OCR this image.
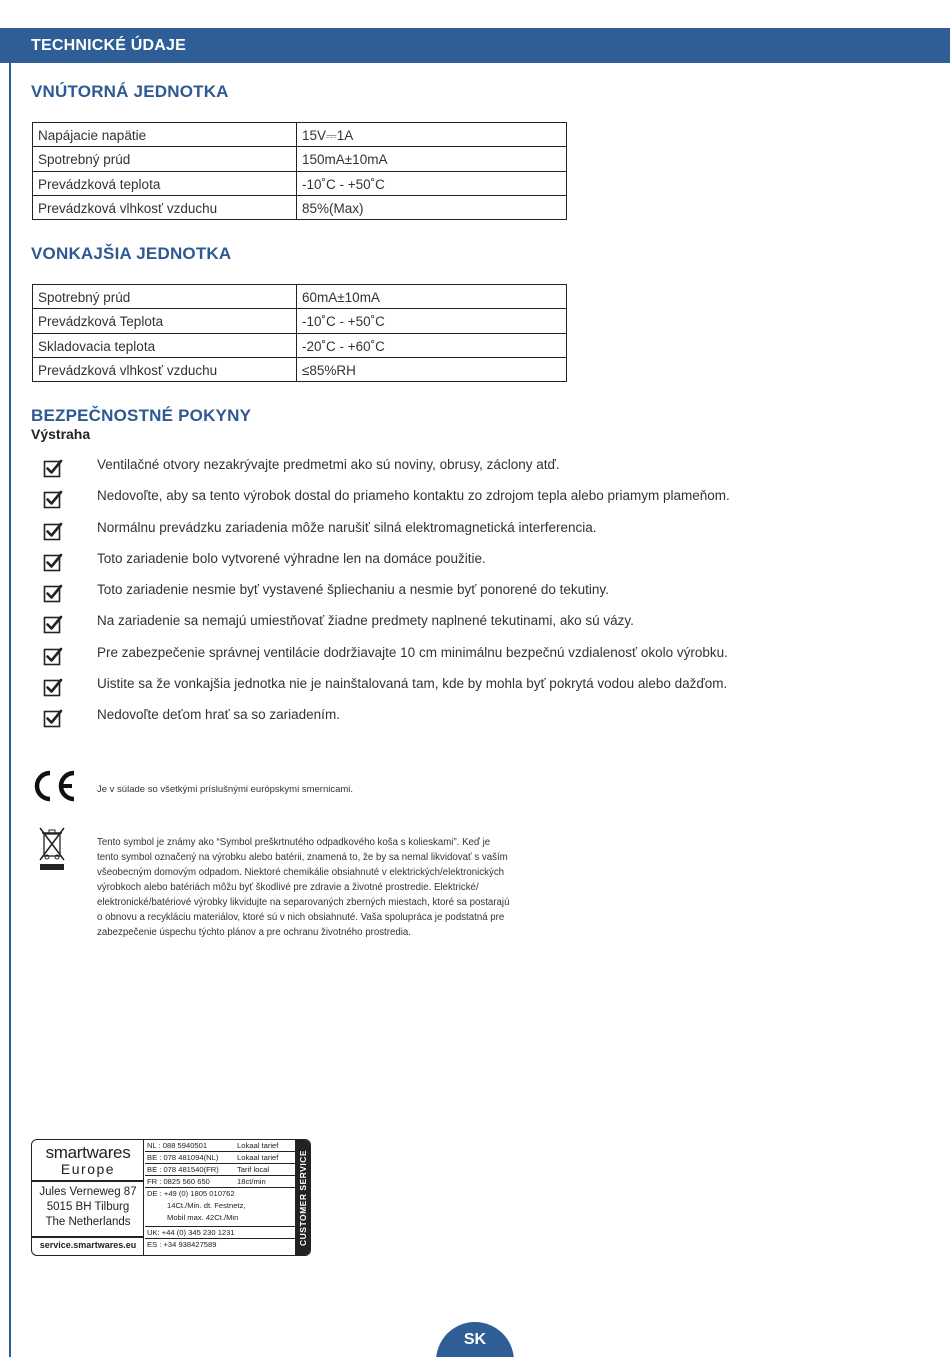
TECHNICKÉ ÚDAJE
VNÚTORNÁ JEDNOTKA
Napájacie napätie	15V⎓1A
Spotrebný prúd	150mA±10mA
Prevádzková teplota	-10˚C - +50˚C
Prevádzková vlhkosť vzduchu	85%(Max)
VONKAJŠIA JEDNOTKA
Spotrebný prúd	60mA±10mA
Prevádzková Teplota	-10˚C - +50˚C
Skladovacia teplota	-20˚C - +60˚C
Prevádzková vlhkosť vzduchu	≤85%RH
BEZPEČNOSTNÉ POKYNY
Výstraha
Ventilačné otvory nezakrývajte predmetmi ako sú noviny, obrusy, záclony atď.
Nedovoľte, aby sa tento výrobok dostal do priameho kontaktu zo zdrojom tepla alebo priamym plameňom.
Normálnu prevádzku zariadenia môže narušiť silná elektromagnetická interferencia.
Toto zariadenie bolo vytvorené výhradne len na domáce použitie.
Toto zariadenie nesmie byť vystavené špliechaniu a nesmie byť ponorené do tekutiny.
Na zariadenie sa nemajú umiestňovať žiadne predmety naplnené tekutinami, ako sú vázy.
Pre zabezpečenie správnej ventilácie dodržiavajte 10 cm minimálnu bezpečnú vzdialenosť okolo výrobku.
Uistite sa že vonkajšia jednotka nie je nainštalovaná tam, kde by mohla byť pokrytá vodou alebo dažďom.
Nedovoľte deťom hrať sa so zariadením.
Je v súlade so všetkými príslušnými európskymi smernicami.
Tento symbol je známy ako “Symbol preškrtnutého odpadkového koša s kolieskami”. Keď je
tento symbol označený na výrobku alebo batérii, znamená to, že by sa nemal likvidovať s vaším
všeobecným domovým odpadom. Niektoré chemikálie obsiahnuté v elektrických/elektronických
výrobkoch alebo batériách môžu byť škodlivé pre zdravie a životné prostredie. Elektrické/
elektronické/batériové výrobky likvidujte na separovaných zberných miestach, ktoré sa postarajú
o obnovu a recykláciu materiálov, ktoré sú v nich obsiahnuté. Vaša spolupráca je podstatná pre
zabezpečenie úspechu týchto plánov a pre ochranu životného prostredia.
smartwares
Europe
Jules Verneweg 87
5015 BH Tilburg
The Netherlands
service.smartwares.eu
NL : 088 5940501	Lokaal tarief
BE : 078 481094(NL) Lokaal tarief
BE : 078 481540(FR) Tarif local
FR : 0825 560 650	18ct/min
DE : +49 (0) 1805 010762
14Ct./Min. dt. Festnetz,
Mobil max. 42Ct./Min
UK: +44 (0) 345 230 1231
ES : +34 938427589	CUSTOMER SERVICE
SK
